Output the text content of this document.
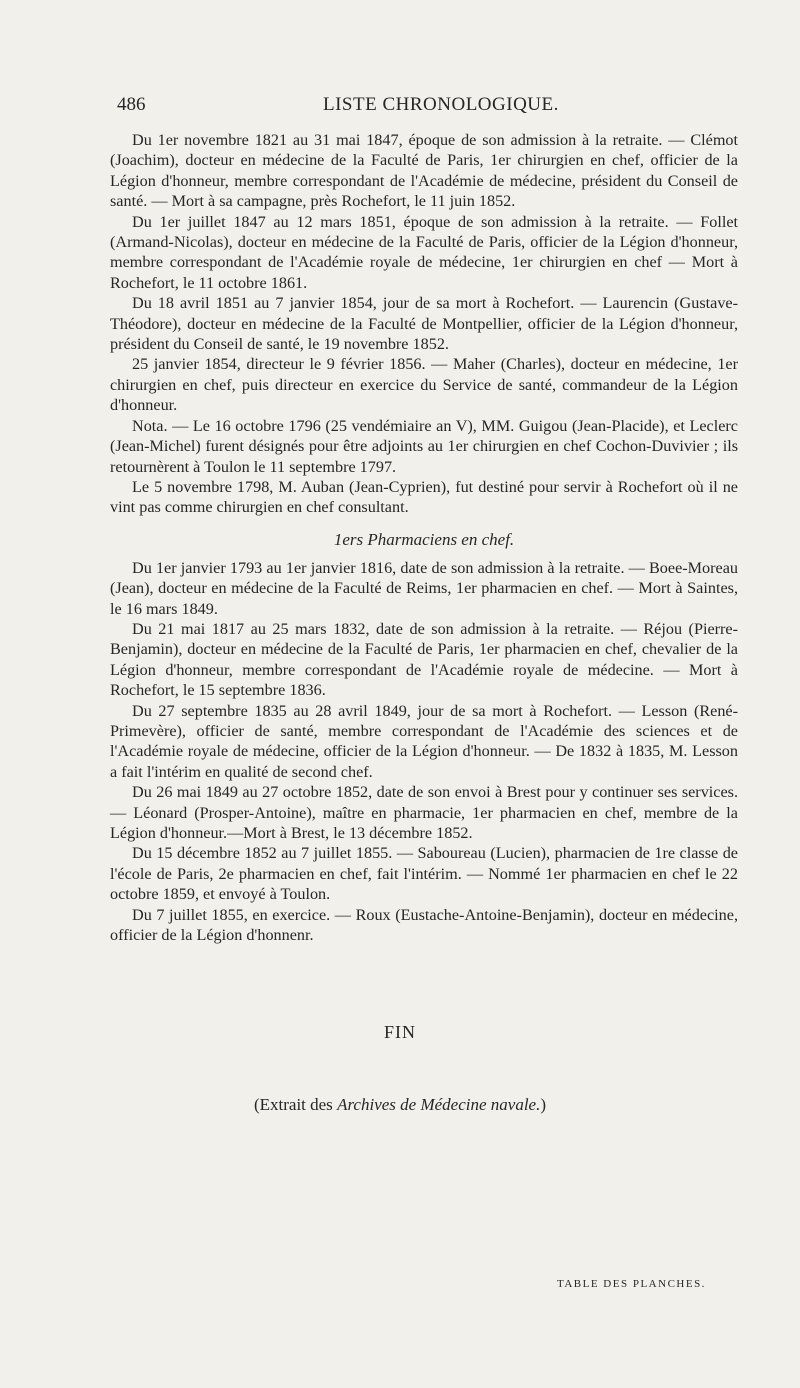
486	LISTE CHRONOLOGIQUE.

Du 1er novembre 1821 au 31 mai 1847, époque de son admission à la retraite. — Clémot (Joachim), docteur en médecine de la Faculté de Paris, 1er chirurgien en chef, officier de la Légion d'honneur, membre correspondant de l'Académie de médecine, président du Conseil de santé. — Mort à sa campagne, près Rochefort, le 11 juin 1852.

Du 1er juillet 1847 au 12 mars 1851, époque de son admission à la retraite. — Follet (Armand-Nicolas), docteur en médecine de la Faculté de Paris, officier de la Légion d'honneur, membre correspondant de l'Académie royale de médecine, 1er chirurgien en chef — Mort à Rochefort, le 11 octobre 1861.

Du 18 avril 1851 au 7 janvier 1854, jour de sa mort à Rochefort. — Laurencin (Gustave-Théodore), docteur en médecine de la Faculté de Montpellier, officier de la Légion d'honneur, président du Conseil de santé, le 19 novembre 1852.

25 janvier 1854, directeur le 9 février 1856. — Maher (Charles), docteur en médecine, 1er chirurgien en chef, puis directeur en exercice du Service de santé, commandeur de la Légion d'honneur.

Nota. — Le 16 octobre 1796 (25 vendémiaire an V), MM. Guigou (Jean-Placide), et Leclerc (Jean-Michel) furent désignés pour être adjoints au 1er chirurgien en chef Cochon-Duvivier ; ils retournèrent à Toulon le 11 septembre 1797.

Le 5 novembre 1798, M. Auban (Jean-Cyprien), fut destiné pour servir à Rochefort où il ne vint pas comme chirurgien en chef consultant.

1ers Pharmaciens en chef.

Du 1er janvier 1793 au 1er janvier 1816, date de son admission à la retraite. — Boee-Moreau (Jean), docteur en médecine de la Faculté de Reims, 1er pharmacien en chef. — Mort à Saintes, le 16 mars 1849.

Du 21 mai 1817 au 25 mars 1832, date de son admission à la retraite. — Réjou (Pierre-Benjamin), docteur en médecine de la Faculté de Paris, 1er pharmacien en chef, chevalier de la Légion d'honneur, membre correspondant de l'Académie royale de médecine. — Mort à Rochefort, le 15 septembre 1836.

Du 27 septembre 1835 au 28 avril 1849, jour de sa mort à Rochefort. — Lesson (René-Primevère), officier de santé, membre correspondant de l'Académie des sciences et de l'Académie royale de médecine, officier de la Légion d'honneur. — De 1832 à 1835, M. Lesson a fait l'intérim en qualité de second chef.

Du 26 mai 1849 au 27 octobre 1852, date de son envoi à Brest pour y continuer ses services. — Léonard (Prosper-Antoine), maître en pharmacie, 1er pharmacien en chef, membre de la Légion d'honneur.—Mort à Brest, le 13 décembre 1852.

Du 15 décembre 1852 au 7 juillet 1855. — Saboureau (Lucien), pharmacien de 1re classe de l'école de Paris, 2e pharmacien en chef, fait l'intérim. — Nommé 1er pharmacien en chef le 22 octobre 1859, et envoyé à Toulon.

Du 7 juillet 1855, en exercice. — Roux (Eustache-Antoine-Benjamin), docteur en médecine, officier de la Légion d'honnenr.

FIN
(Extrait des Archives de Médecine navale.)
TABLE DES PLANCHES.
